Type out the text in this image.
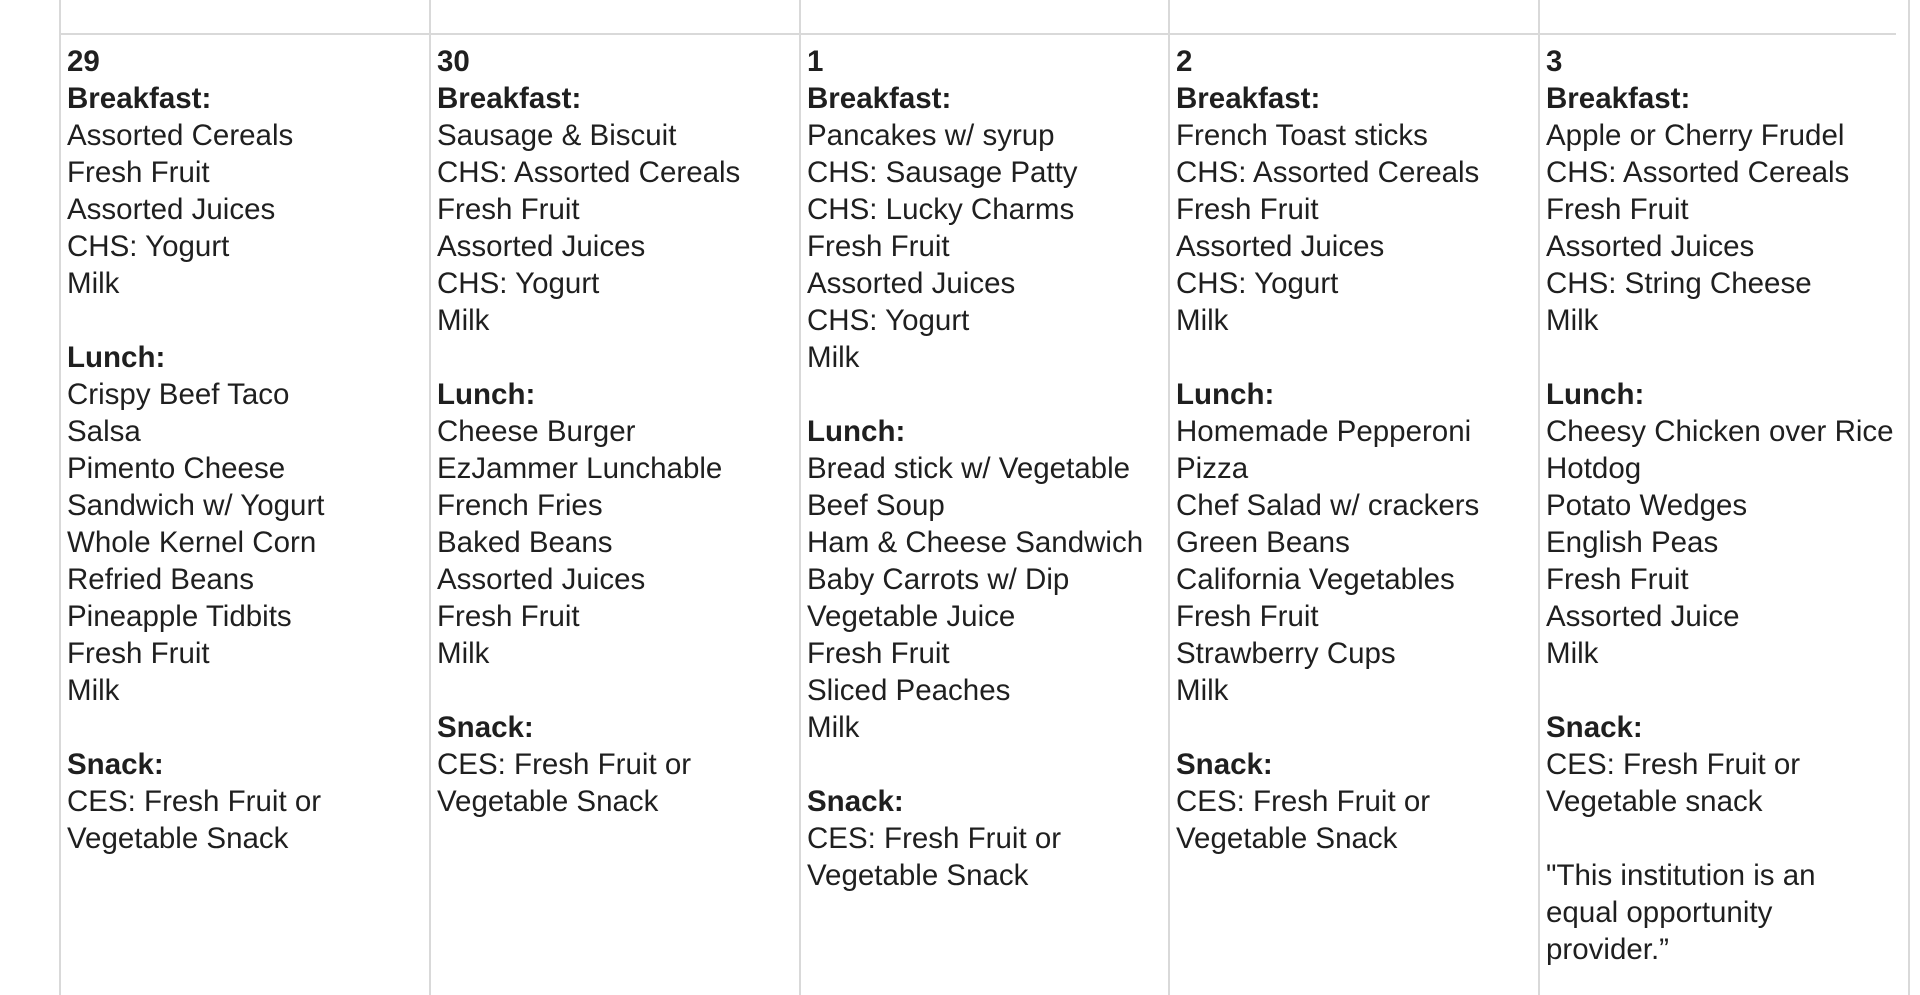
29
Breakfast:
Assorted Cereals
Fresh Fruit
Assorted Juices
CHS: Yogurt
Milk
Lunch:
Crispy Beef Taco
Salsa
Pimento Cheese
Sandwich w/ Yogurt
Whole Kernel Corn
Refried Beans
Pineapple Tidbits
Fresh Fruit
Milk
Snack:
CES: Fresh Fruit or
Vegetable Snack
30
Breakfast:
Sausage & Biscuit
CHS: Assorted Cereals
Fresh Fruit
Assorted Juices
CHS: Yogurt
Milk
Lunch:
Cheese Burger
EzJammer Lunchable
French Fries
Baked Beans
Assorted Juices
Fresh Fruit
Milk
Snack:
CES: Fresh Fruit or
Vegetable Snack
1
Breakfast:
Pancakes w/ syrup
CHS: Sausage Patty
CHS: Lucky Charms
Fresh Fruit
Assorted Juices
CHS: Yogurt
Milk
Lunch:
Bread stick w/ Vegetable
Beef Soup
Ham & Cheese Sandwich
Baby Carrots w/ Dip
Vegetable Juice
Fresh Fruit
Sliced Peaches
Milk
Snack:
CES: Fresh Fruit or
Vegetable Snack
2
Breakfast:
French Toast sticks
CHS: Assorted Cereals
Fresh Fruit
Assorted Juices
CHS: Yogurt
Milk
Lunch:
Homemade Pepperoni
Pizza
Chef Salad w/ crackers
Green Beans
California Vegetables
Fresh Fruit
Strawberry Cups
Milk
Snack:
CES: Fresh Fruit or
Vegetable Snack
3
Breakfast:
Apple or Cherry Frudel
CHS: Assorted Cereals
Fresh Fruit
Assorted Juices
CHS: String Cheese
Milk
Lunch:
Cheesy Chicken over Rice
Hotdog
Potato Wedges
English Peas
Fresh Fruit
Assorted Juice
Milk
Snack:
CES: Fresh Fruit or
Vegetable snack
"This institution is an
equal opportunity
provider.”
